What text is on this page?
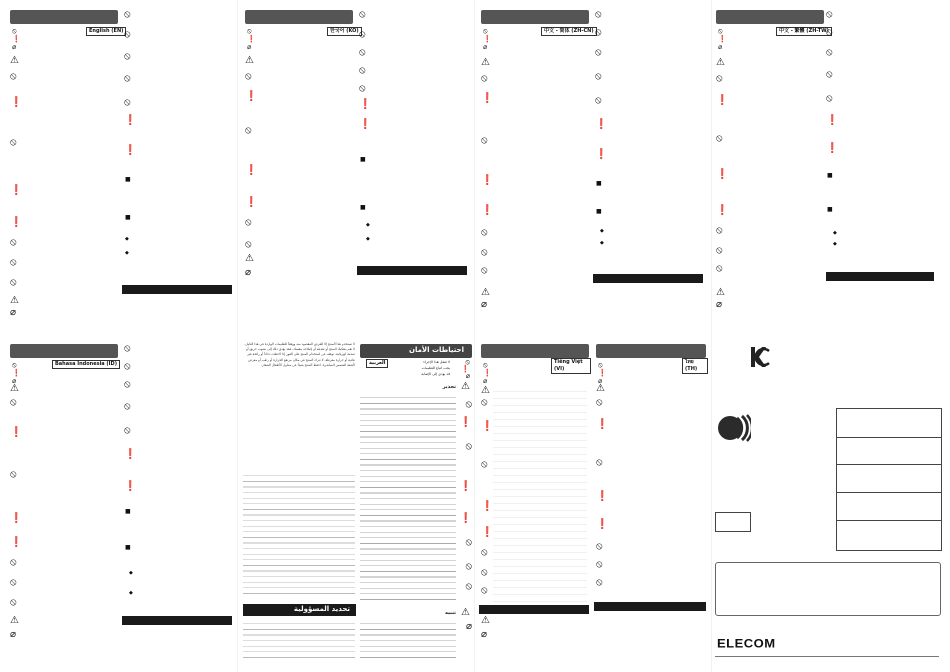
English (EN)
⦸
❗
⌀
⚠
⦸
❗
⦸
❗
❗
⦸
⦸
⦸
⚠
⌀
⦸
⦸
⦸
⦸
⦸
❗
❗
■
■
◆
◆
한국어 (KO)
⦸
❗
⌀
⚠
⦸
❗
⦸
❗
❗
⦸
⦸
⚠
⌀
⦸
⦸
⦸
⦸
⦸
❗
❗
■
■
◆
◆
中文 - 简体 (ZH-CN)
⦸
❗
⌀
⚠
⦸
❗
⦸
❗
❗
⦸
⦸
⦸
⚠
⌀
⦸
⦸
⦸
⦸
⦸
❗
❗
■
■
◆
◆
中文 - 繁體 (ZH-TW)
⦸
❗
⌀
⚠
⦸
❗
⦸
❗
❗
⦸
⦸
⦸
⚠
⌀
⦸
⦸
⦸
⦸
⦸
❗
❗
■
■
◆
◆
Bahasa Indonesia (ID)
⦸
❗
⌀
⚠
⦸
❗
⦸
❗
❗
⦸
⦸
⦸
⚠
⌀
⦸
⦸
⦸
⦸
⦸
❗
❗
■
■
◆
◆
لا تستخدم هذا المنتج إلا للغرض المقصود منه ووفقاً للتعليمات الواردة في هذا الدليل. لا تقم بتفكيك المنتج أو تعديله أو إصلاحه بنفسك، فقد يؤدي ذلك إلى نشوب حريق أو صدمة كهربائية. توقف عن استخدام المنتج على الفور إذا لاحظت دخاناً أو رائحة غير عادية أو حرارة مفرطة. لا تترك المنتج في مكان مرتفع الحرارة أو رطب أو معرض لأشعة الشمس المباشرة. احفظ المنتج بعيداً عن متناول الأطفال الصغار.
تحديد المسؤولية
احتياطات الأمان
العربية	لا تفعل هذا الإجراء
يجب اتباع التعليمات
قد يؤدي إلى الإصابة
⦸
❗
⌀
تحذير ⚠
⦸
❗
⦸
❗
❗
⦸
⦸
⦸
تنبيه ⚠
⌀
Tiếng Việt (VI)
⦸
❗
⌀
⚠
⦸
❗
⦸
❗
❗
⦸
⦸
⦸
⚠
⌀
ไทย (TH)
⦸
❗
⌀
⚠
⦸
❗
⦸
❗
❗
⦸
⦸
⦸
ELECOM
